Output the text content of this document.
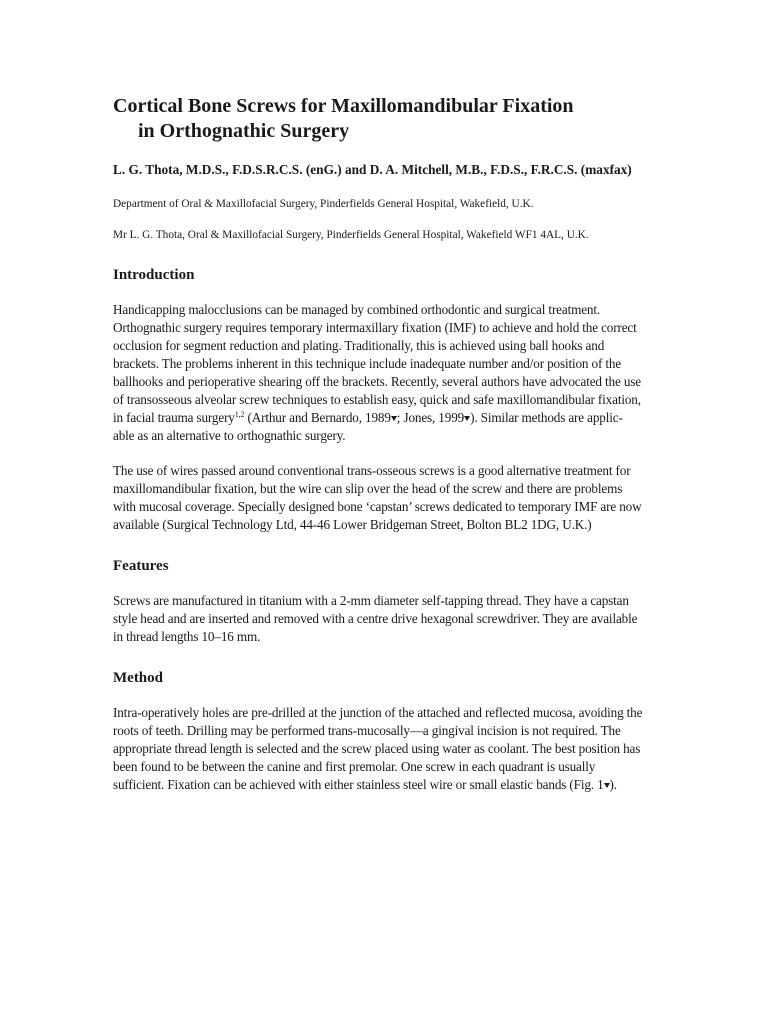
Cortical Bone Screws for Maxillomandibular Fixation
in Orthognathic Surgery

L. G. Thota, M.D.S., F.D.S.R.C.S. (enG.) and D. A. Mitchell, M.B., F.D.S., F.R.C.S. (maxfax)

Department of Oral & Maxillofacial Surgery, Pinderfields General Hospital, Wakefield, U.K.

Mr L. G. Thota, Oral & Maxillofacial Surgery, Pinderfields General Hospital, Wakefield WF1 4AL, U.K.

Introduction

Handicapping malocclusions can be managed by combined orthodontic and surgical treatment. Orthognathic surgery requires temporary intermaxillary fixation (IMF) to achieve and hold the correct occlusion for segment reduction and plating. Traditionally, this is achieved using ball hooks and brackets. The problems inherent in this technique include inadequate number and/or position of the ballhooks and perioperative shearing off the brackets. Recently, several authors have advocated the use of transosseous alveolar screw techniques to establish easy, quick and safe maxillomandibular fixation, in facial trauma surgery$^{1,2}$ (Arthur and Bernardo, 1989 ; Jones, 1999 ). Similar methods are applic-able as an alternative to orthognathic surgery.

The use of wires passed around conventional trans-osseous screws is a good alternative treatment for maxillomandibular fixation, but the wire can slip over the head of the screw and there are problems with mucosal coverage. Specially designed bone ‘capstan’ screws dedicated to temporary IMF are now available (Surgical Technology Ltd, 44-46 Lower Bridgeman Street, Bolton BL2 1DG, U.K.)

Features

Screws are manufactured in titanium with a 2-mm diameter self-tapping thread. They have a capstan style head and are inserted and removed with a centre drive hexagonal screwdriver. They are available in thread lengths 10–16 mm.

Method

Intra-operatively holes are pre-drilled at the junction of the attached and reflected mucosa, avoiding the roots of teeth. Drilling may be performed trans-mucosally—a gingival incision is not required. The appropriate thread length is selected and the screw placed using water as coolant. The best position has been found to be between the canine and first premolar. One screw in each quadrant is usually sufficient. Fixation can be achieved with either stainless steel wire or small elastic bands (Fig. 1 ).
